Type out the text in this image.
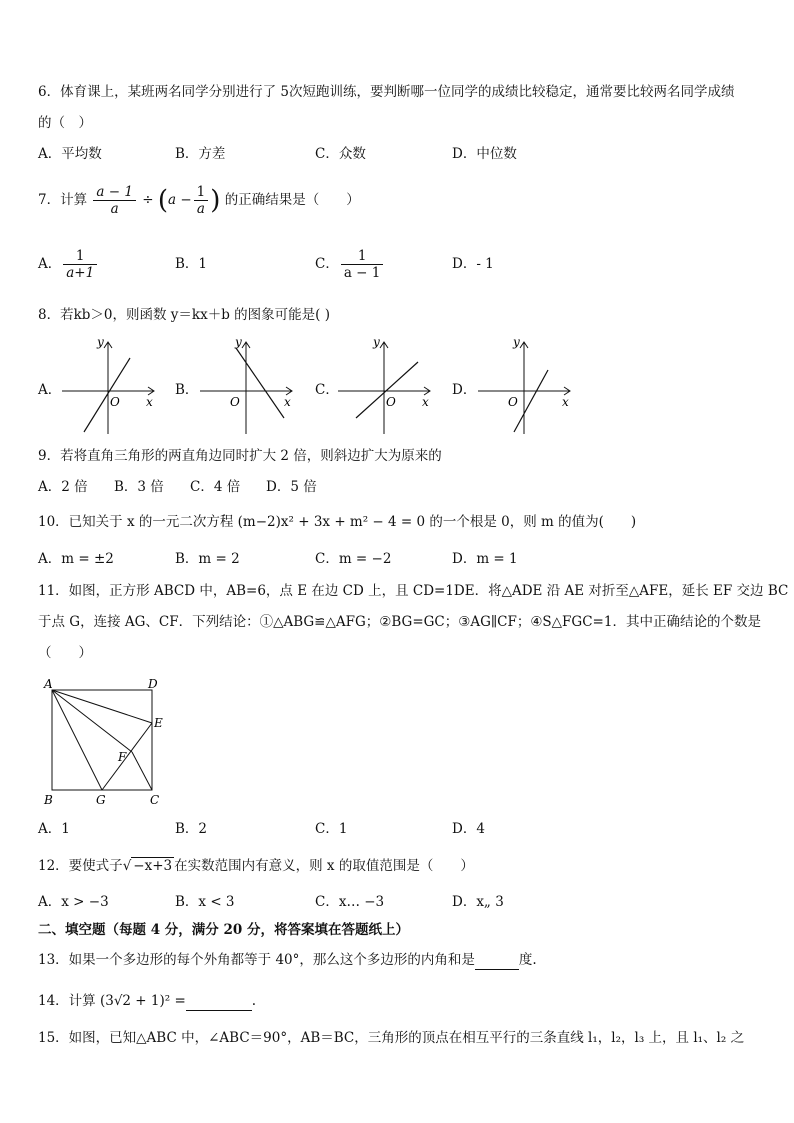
6．体育课上，某班两名同学分别进行了 5次短跑训练，要判断哪一位同学的成绩比较稳定，通常要比较两名同学成绩
的（　）
A．平均数	B．方差	C．众数	D．中位数
7．计算 $\frac{a - 1}{a} \div (a - \frac{1}{a}$ ) 的正确结果是（　　）
A． $\frac{1}{a+1}$	B．1	C． $\frac{1}{a - 1}$	D．- 1
8．若kb＞0，则函数 y＝kx＋b 的图象可能是( )
A．
y
x
O
B．
y
x
O
C．
y
x
O
D．
y
x
O
9．若将直角三角形的两直角边同时扩大 2 倍，则斜边扩大为原来的
A．2 倍 B．3 倍 C．4 倍 D．5 倍
10．已知关于 x 的一元二次方程 (m−2)x² + 3x + m² − 4 = 0 的一个根是 0，则 m 的值为(　　)
A．m = ±2	B．m = 2	C．m = −2	D．m = 1
11．如图，正方形 ABCD 中，AB=6，点 E 在边 CD 上，且 CD=1DE．将△ADE 沿 AE 对折至△AFE，延长 EF 交边 BC
于点 G，连接 AG、CF．下列结论：①△ABG≌△AFG；②BG=GC；③AG∥CF；④S△FGC=1．其中正确结论的个数是
（　　）
A	D
E
F
B	G	C
A．1	B．2	C．1	D．4
12．要使式子√ −x+3 在实数范围内有意义，则 x 的取值范围是（　　）
A．x > −3	B．x < 3	C．x… −3	D．x„ 3
二、填空题（每题 4 分，满分 20 分，将答案填在答题纸上）
13．如果一个多边形的每个外角都等于 40°，那么这个多边形的内角和是	度.
14．计算 (3√2 + 1)² =	.
15．如图，已知△ABC 中，∠ABC＝90°，AB＝BC，三角形的顶点在相互平行的三条直线 l₁，l₂，l₃ 上，且 l₁、l₂ 之
